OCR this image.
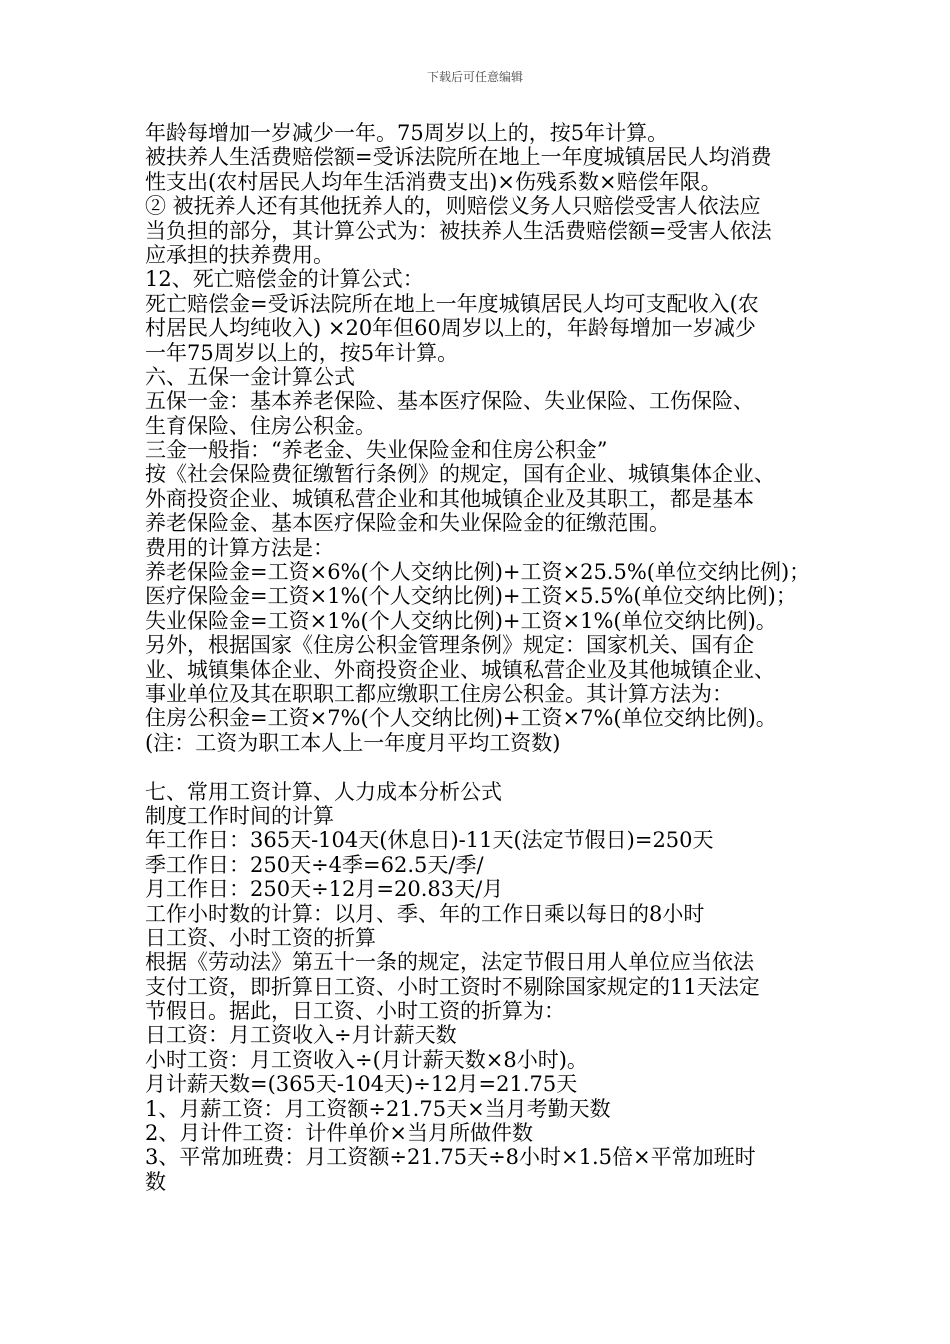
下载后可任意编辑
年龄每增加一岁减少一年。75周岁以上的，按5年计算。
被扶养人生活费赔偿额=受诉法院所在地上一年度城镇居民人均消费
性支出(农村居民人均年生活消费支出)×伤残系数×赔偿年限。
② 被抚养人还有其他抚养人的，则赔偿义务人只赔偿受害人依法应
当负担的部分，其计算公式为：被扶养人生活费赔偿额=受害人依法
应承担的扶养费用。
12、死亡赔偿金的计算公式：
死亡赔偿金=受诉法院所在地上一年度城镇居民人均可支配收入(农
村居民人均纯收入) ×20年但60周岁以上的，年龄每增加一岁减少
一年75周岁以上的，按5年计算。
六、五保一金计算公式
五保一金：基本养老保险、基本医疗保险、失业保险、工伤保险、
生育保险、住房公积金。
三金一般指：“养老金、失业保险金和住房公积金”
按《社会保险费征缴暂行条例》的规定，国有企业、城镇集体企业、
外商投资企业、城镇私营企业和其他城镇企业及其职工，都是基本
养老保险金、基本医疗保险金和失业保险金的征缴范围。
费用的计算方法是：
养老保险金=工资×6%(个人交纳比例)+工资×25.5%(单位交纳比例)；
医疗保险金=工资×1%(个人交纳比例)+工资×5.5%(单位交纳比例)；
失业保险金=工资×1%(个人交纳比例)+工资×1%(单位交纳比例)。
另外，根据国家《住房公积金管理条例》规定：国家机关、国有企
业、城镇集体企业、外商投资企业、城镇私营企业及其他城镇企业、
事业单位及其在职职工都应缴职工住房公积金。其计算方法为：
住房公积金=工资×7%(个人交纳比例)+工资×7%(单位交纳比例)。
(注：工资为职工本人上一年度月平均工资数)
七、常用工资计算、人力成本分析公式
制度工作时间的计算
年工作日：365天-104天(休息日)-11天(法定节假日)=250天
季工作日：250天÷4季=62.5天/季/
月工作日：250天÷12月=20.83天/月
工作小时数的计算：以月、季、年的工作日乘以每日的8小时
日工资、小时工资的折算
根据《劳动法》第五十一条的规定，法定节假日用人单位应当依法
支付工资，即折算日工资、小时工资时不剔除国家规定的11天法定
节假日。据此，日工资、小时工资的折算为：
日工资：月工资收入÷月计薪天数
小时工资：月工资收入÷(月计薪天数×8小时)。
月计薪天数=(365天-104天)÷12月=21.75天
1、月薪工资：月工资额÷21.75天×当月考勤天数
2、月计件工资：计件单价×当月所做件数
3、平常加班费：月工资额÷21.75天÷8小时×1.5倍×平常加班时
数
